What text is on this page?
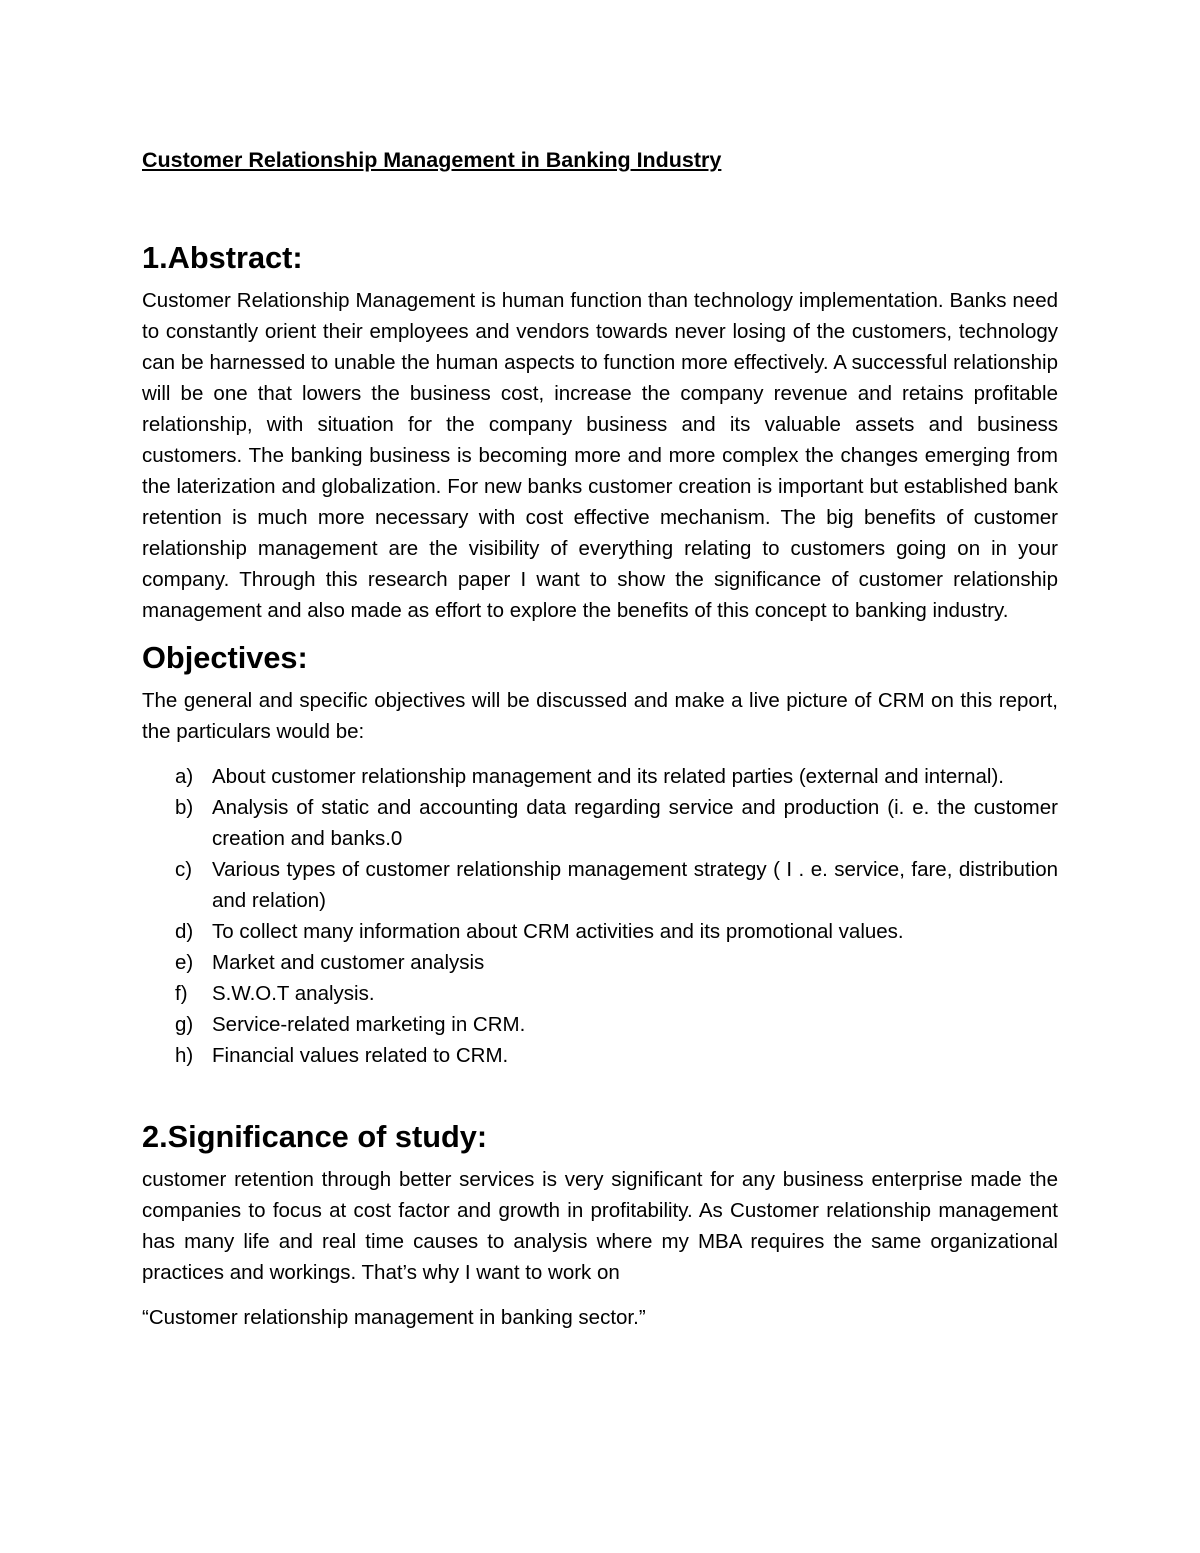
Customer Relationship Management in Banking Industry
1.Abstract:

Customer Relationship Management is human function than technology implementation. Banks need to constantly orient their employees and vendors towards never losing of the customers, technology can be harnessed to unable the human aspects to function more effectively. A successful relationship will be one that lowers the business cost, increase the company revenue and retains profitable relationship, with situation for the company business and its valuable assets and business customers. The banking business is becoming more and more complex the changes emerging from the laterization and globalization. For new banks customer creation is important but established bank retention is much more necessary with cost effective mechanism. The big benefits of customer relationship management are the visibility of everything relating to customers going on in your company. Through this research paper I want to show the significance of customer relationship management and also made as effort to explore the benefits of this concept to banking industry.

Objectives:

The general and specific objectives will be discussed and make a live picture of CRM on this report, the particulars would be:

a) About customer relationship management and its related parties (external and internal).
b) Analysis of static and accounting data regarding service and production (i. e. the customer creation and banks.0
c) Various types of customer relationship management strategy ( I . e. service, fare, distribution and relation)
d) To collect many information about CRM activities and its promotional values.
e) Market and customer analysis
f) S.W.O.T analysis.
g) Service-related marketing in CRM.
h) Financial values related to CRM.
2.Significance of study:

customer retention through better services is very significant for any business enterprise made the companies to focus at cost factor and growth in profitability. As Customer relationship management has many life and real time causes to analysis where my MBA requires the same organizational practices and workings. That’s why I want to work on

“Customer relationship management in banking sector.”
